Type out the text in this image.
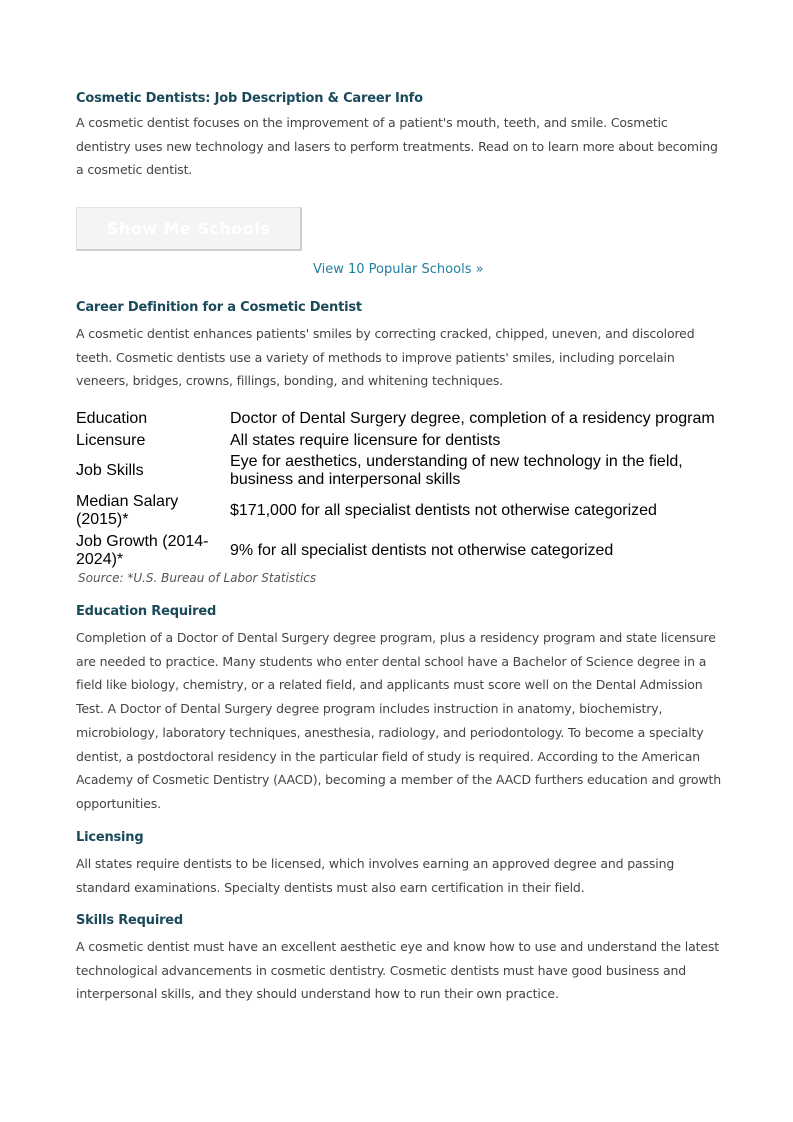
Cosmetic Dentists: Job Description & Career Info
A cosmetic dentist focuses on the improvement of a patient's mouth, teeth, and smile. Cosmetic dentistry uses new technology and lasers to perform treatments. Read on to learn more about becoming a cosmetic dentist.
Show Me Schools
View 10 Popular Schools »
Career Definition for a Cosmetic Dentist
A cosmetic dentist enhances patients' smiles by correcting cracked, chipped, uneven, and discolored teeth. Cosmetic dentists use a variety of methods to improve patients' smiles, including porcelain veneers, bridges, crowns, fillings, bonding, and whitening techniques.
Education	Doctor of Dental Surgery degree, completion of a residency program
Licensure	All states require licensure for dentists
Job Skills	Eye for aesthetics, understanding of new technology in the field, business and interpersonal skills
Median Salary (2015)*	$171,000 for all specialist dentists not otherwise categorized
Job Growth (2014-2024)*	9% for all specialist dentists not otherwise categorized
Source: *U.S. Bureau of Labor Statistics
Education Required
Completion of a Doctor of Dental Surgery degree program, plus a residency program and state licensure are needed to practice. Many students who enter dental school have a Bachelor of Science degree in a field like biology, chemistry, or a related field, and applicants must score well on the Dental Admission Test. A Doctor of Dental Surgery degree program includes instruction in anatomy, biochemistry, microbiology, laboratory techniques, anesthesia, radiology, and periodontology. To become a specialty dentist, a postdoctoral residency in the particular field of study is required. According to the American Academy of Cosmetic Dentistry (AACD), becoming a member of the AACD furthers education and growth opportunities.
Licensing
All states require dentists to be licensed, which involves earning an approved degree and passing standard examinations. Specialty dentists must also earn certification in their field.
Skills Required
A cosmetic dentist must have an excellent aesthetic eye and know how to use and understand the latest technological advancements in cosmetic dentistry. Cosmetic dentists must have good business and interpersonal skills, and they should understand how to run their own practice.
